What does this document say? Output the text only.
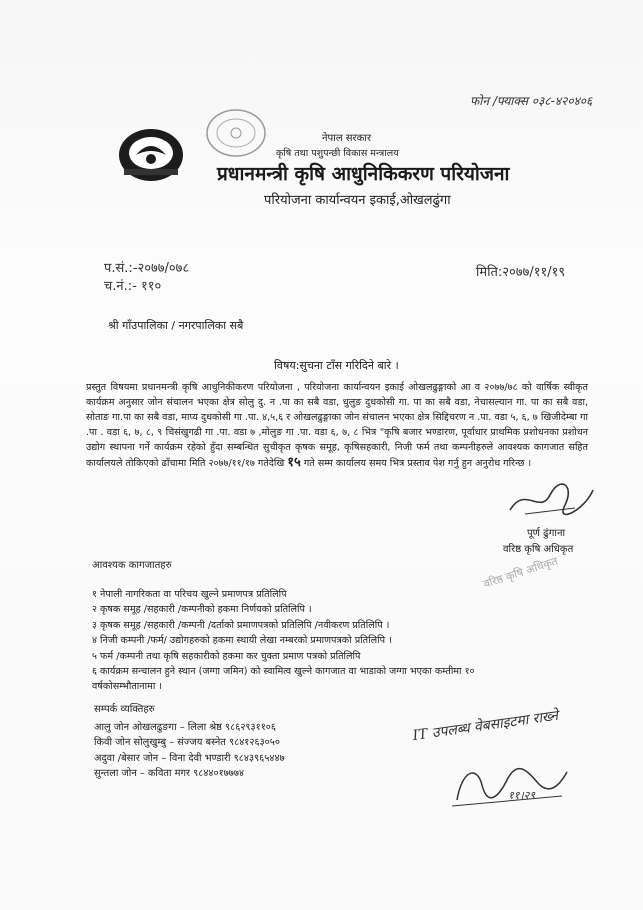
फोन /फ्याक्स ०३८-४२०४०६
नेपाल सरकार
कृषि तथा पशुपन्छी विकास मन्त्रालय
प्रधानमन्त्री कृषि आधुनिकिकरण परियोजना
परियोजना कार्यान्वयन इकाई,ओखलढुंगा
प.सं.:-२०७७/०७८
च.नं.:- ११०
मिति:२०७७/११/१९
श्री गाँउपालिका / नगरपालिका सबै
विषय:सुचना टाँस गरिदिने बारे ।
प्रस्तुत विषयमा प्रधानमन्त्री कृषि आधुनिकीकरण परियोजना , परियोजना कार्यान्वयन इकाई ओखलढुङ्गाको आ व २०७७/७८ को वार्षिक स्वीकृत कार्यक्रम अनुसार जोन संचालन भएका क्षेत्र सोलु दु. न .पा का सबै वडा, धुलुङ दुधकोसी गा. पा का सबै वडा, नेचासल्यान गा. पा का सबै वडा, सोताङ गा.पा का सबै वडा, माप्य दुधकोसी गा .पा. ४,५,६ र ओखलढुङ्गाका जोन संचालन भएका क्षेत्र सिद्दिचरण न .पा. वडा ५, ६, ७ खिजीदेम्बा गा .पा . वडा ६, ७, ८, ९ चिसंखुगढी गा .पा. वडा ७ ,मोलुङ गा .पा. वडा ६, ७, ८ भित्र "कृषि बजार भण्डारण, पूर्वाधार प्राथमिक प्रशोधनका प्रशोधन उद्योग स्थापना गर्ने कार्यक्रम रहेको हुँदा सम्बन्धित सुचीकृत कृषक समूह, कृषिसहकारी, निजी फर्म तथा कम्पनीहरुले आवश्यक कागजात सहित कार्यालयले तोकिएको ढाँचामा मिति २०७७/११/१७ गतेदेखि १५ गते सम्म कार्यालय समय भित्र प्रस्ताव पेश गर्नु हुन अनुरोध गरिन्छ ।
पूर्ण ढुंगाना
वरिष्ठ कृषि अधिकृत
वरिष्ठ कृषि अधिकृत
आवश्यक कागजातहरु
१ नेपाली नागरिकता वा परिचय खुल्ने प्रमाणपत्र प्रतिलिपि
२ कृषक समूह /सहकारी /कम्पनीको हकमा निर्णयको प्रतिलिपि ।
३ कृषक समूह /सहकारी /कम्पनी /दर्ताको प्रमाणपत्रको प्रतिलिपि /नवीकरण प्रतिलिपि ।
४ निजी कम्पनी /फर्म/ उद्योगहरुको हकमा स्थायी लेखा नम्बरको प्रमाणपत्रको प्रतिलिपि ।
५ फर्म /कम्पनी तथा कृषि सहकारीको हकमा कर चुक्ता प्रमाण पत्रको प्रतिलिपि
६ कार्यक्रम सन्चालन हुने स्थान (जग्गा जमिन) को स्वामित्व खुल्ने कागजात वा भाडाको जग्गा भएका कम्तीमा १०
वर्षकोसम्भौतानामा ।
सम्पर्क व्यक्तिहरु
आलु जोन ओखलढुङगा – लिला श्रेष्ठ ९८६२९३११०६
किवी जोन सोलुखुम्बु – संज्जय बस्नेत ९८४१२६३०५०
अदुवा /बेसार जोन – विना देवी भण्डारी ९८४३९६५४४७
सुन्तला जोन – कविता मगर ९८४४०१७७७४
IT उपलब्ध वेबसाइटमा राख्ने
११।२९
